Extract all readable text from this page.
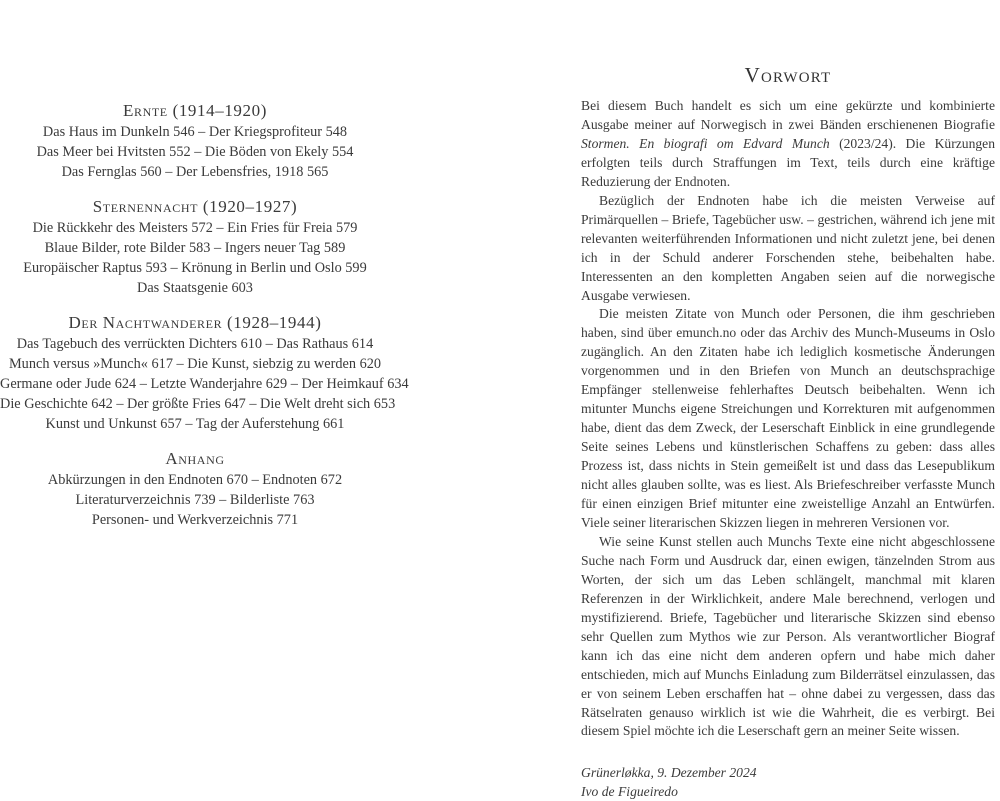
Ernte (1914–1920)
Das Haus im Dunkeln 546 – Der Kriegsprofiteur 548
Das Meer bei Hvitsten 552 – Die Böden von Ekely 554
Das Fernglas 560 – Der Lebensfries, 1918 565
Sternennacht (1920–1927)
Die Rückkehr des Meisters 572 – Ein Fries für Freia 579
Blaue Bilder, rote Bilder 583 – Ingers neuer Tag 589
Europäischer Raptus 593 – Krönung in Berlin und Oslo 599
Das Staatsgenie 603
Der Nachtwanderer (1928–1944)
Das Tagebuch des verrückten Dichters 610 – Das Rathaus 614
Munch versus »Munch« 617 – Die Kunst, siebzig zu werden 620
Germane oder Jude 624 – Letzte Wanderjahre 629 – Der Heimkauf 634
Die Geschichte 642 – Der größte Fries 647 – Die Welt dreht sich 653
Kunst und Unkunst 657 – Tag der Auferstehung 661
Anhang
Abkürzungen in den Endnoten 670 – Endnoten 672
Literaturverzeichnis 739 – Bilderliste 763
Personen- und Werkverzeichnis 771
Vorwort

Bei diesem Buch handelt es sich um eine gekürzte und kombinierte Ausgabe meiner auf Norwegisch in zwei Bänden erschienenen Biografie Stormen. En biografi om Edvard Munch (2023/24). Die Kürzungen erfolgten teils durch Straffungen im Text, teils durch eine kräftige Reduzierung der Endnoten.

Bezüglich der Endnoten habe ich die meisten Verweise auf Primärquellen – Briefe, Tagebücher usw. – gestrichen, während ich jene mit relevanten weiterführenden Informationen und nicht zuletzt jene, bei denen ich in der Schuld anderer Forschenden stehe, beibehalten habe. Interessenten an den kompletten Angaben seien auf die norwegische Ausgabe verwiesen.

Die meisten Zitate von Munch oder Personen, die ihm geschrieben haben, sind über emunch.no oder das Archiv des Munch-Museums in Oslo zugänglich. An den Zitaten habe ich lediglich kosmetische Änderungen vorgenommen und in den Briefen von Munch an deutschsprachige Empfänger stellenweise fehlerhaftes Deutsch beibehalten. Wenn ich mitunter Munchs eigene Streichungen und Korrekturen mit aufgenommen habe, dient das dem Zweck, der Leserschaft Einblick in eine grundlegende Seite seines Lebens und künstlerischen Schaffens zu geben: dass alles Prozess ist, dass nichts in Stein gemeißelt ist und dass das Lesepublikum nicht alles glauben sollte, was es liest. Als Briefeschreiber verfasste Munch für einen einzigen Brief mitunter eine zweistellige Anzahl an Entwürfen. Viele seiner literarischen Skizzen liegen in mehreren Versionen vor.

Wie seine Kunst stellen auch Munchs Texte eine nicht abgeschlossene Suche nach Form und Ausdruck dar, einen ewigen, tänzelnden Strom aus Worten, der sich um das Leben schlängelt, manchmal mit klaren Referenzen in der Wirklichkeit, andere Male berechnend, verlogen und mystifizierend. Briefe, Tagebücher und literarische Skizzen sind ebenso sehr Quellen zum Mythos wie zur Person. Als verantwortlicher Biograf kann ich das eine nicht dem anderen opfern und habe mich daher entschieden, mich auf Munchs Einladung zum Bilderrätsel einzulassen, das er von seinem Leben erschaffen hat – ohne dabei zu vergessen, dass das Rätselraten genauso wirklich ist wie die Wahrheit, die es verbirgt. Bei diesem Spiel möchte ich die Leserschaft gern an meiner Seite wissen.

Grünerløkka, 9. Dezember 2024
Ivo de Figueiredo
